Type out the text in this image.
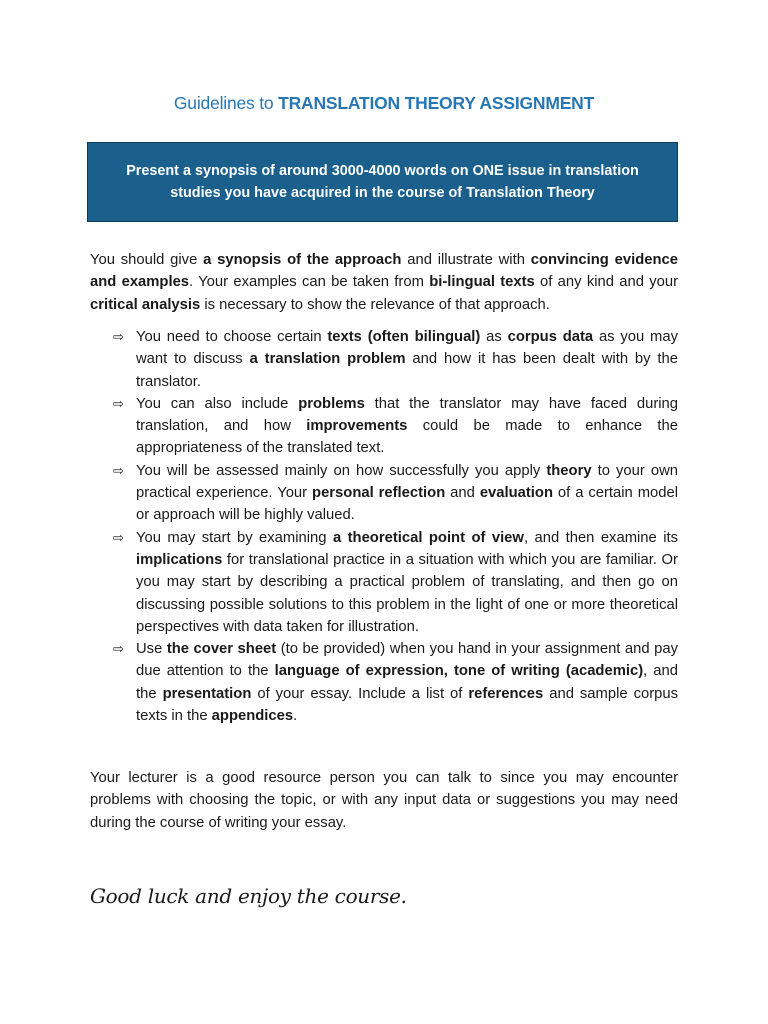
Guidelines to TRANSLATION THEORY ASSIGNMENT
Present a synopsis of around 3000-4000 words on ONE issue in translation studies you have acquired in the course of Translation Theory
You should give a synopsis of the approach and illustrate with convincing evidence and examples. Your examples can be taken from bi-lingual texts of any kind and your critical analysis is necessary to show the relevance of that approach.
⇨ You need to choose certain texts (often bilingual) as corpus data as you may want to discuss a translation problem and how it has been dealt with by the translator.
⇨ You can also include problems that the translator may have faced during translation, and how improvements could be made to enhance the appropriateness of the translated text.
⇨ You will be assessed mainly on how successfully you apply theory to your own practical experience. Your personal reflection and evaluation of a certain model or approach will be highly valued.
⇨ You may start by examining a theoretical point of view, and then examine its implications for translational practice in a situation with which you are familiar. Or you may start by describing a practical problem of translating, and then go on discussing possible solutions to this problem in the light of one or more theoretical perspectives with data taken for illustration.
⇨ Use the cover sheet (to be provided) when you hand in your assignment and pay due attention to the language of expression, tone of writing (academic), and the presentation of your essay. Include a list of references and sample corpus texts in the appendices.
Your lecturer is a good resource person you can talk to since you may encounter problems with choosing the topic, or with any input data or suggestions you may need during the course of writing your essay.
Good luck and enjoy the course.
